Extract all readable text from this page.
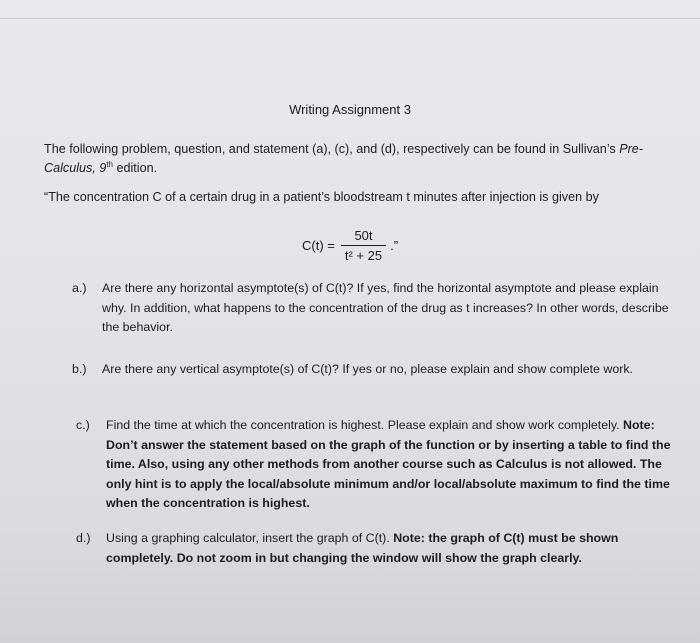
Writing Assignment 3
The following problem, question, and statement (a), (c), and (d), respectively can be found in Sullivan’s Pre-Calculus, 9th edition.
“The concentration C of a certain drug in a patient’s bloodstream t minutes after injection is given by
$C(t) = \frac{50t}{\text{t² + 25}}$ .”
a.) Are there any horizontal asymptote(s) of C(t)? If yes, find the horizontal asymptote and please explain why. In addition, what happens to the concentration of the drug as t increases? In other words, describe the behavior.
b.) Are there any vertical asymptote(s) of C(t)? If yes or no, please explain and show complete work.
c.) Find the time at which the concentration is highest. Please explain and show work completely. Note: Don’t answer the statement based on the graph of the function or by inserting a table to find the time. Also, using any other methods from another course such as Calculus is not allowed. The only hint is to apply the local/absolute minimum and/or local/absolute maximum to find the time when the concentration is highest.
d.) Using a graphing calculator, insert the graph of C(t). Note: the graph of C(t) must be shown completely. Do not zoom in but changing the window will show the graph clearly.
